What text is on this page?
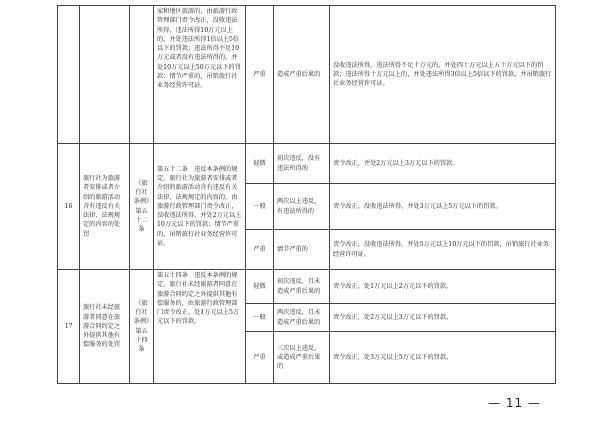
			家和地区旅游的，由旅游行政管理部门责令改正，没收违法所得，违法所得10万元以上的，并处违法所得1倍以上5倍以下的罚款；违法所得不足10万元或者没有违法所得的，并处10万元以上50万元以下的罚款；情节严重的，吊销旅行社业务经营许可证。	严重	造成严重后果的	没收违法所得，违法所得不足十万元的，并处四十万元以上五十万元以下的罚款；违法所得十万元以上的，并处违法所得3倍以上5倍以下的罚款，并吊销旅行社业务经营许可证。
16	旅行社为旅游者安排或者介绍的旅游活动含有违反有关法律、法规规定的内容的处罚	《旅行社条例》第五十二条	第五十二条　违反本条例的规定，旅行社为旅游者安排或者介绍的旅游活动含有违反有关法律、法规规定的内容的，由旅游行政管理部门责令改正，没收违法所得，并处2万元以上10万元以下的罚款；情节严重的，吊销旅行社业务经营许可证。	轻微	初次违反，没有违法所得的	责令改正，并处2万元以上3万元以下的罚款。
				一般	两次以上违反，有违法所得的	责令改正，没收违法所得，并处3万元以上5万元以下的罚款。
				严重	情节严重的	责令改正，没收违法所得，并处5万元以上10万元以下的罚款，吊销旅行社业务经营许可证。
17	旅行社未经旅游者同意在旅游合同约定之外提供其他有偿服务的处罚	《旅行社条例》第五十四条	第五十四条　违反本条例的规定，旅行社未经旅游者同意在旅游合同约定之外提供其他有偿服务的，由旅游行政管理部门责令改正，处1万元以上5万元以下的罚款。	轻微	初次违反，且未造成严重后果的	责令改正，处1万元以上2万元以下的罚款。
				一般	两次违反，且未造成严重后果的	责令改正，处2万元以上3万元以下的罚款。
				严重	三次以上违反，或造成严重后果的	责令改正，处3万元以上5万元以下的罚款。
— 11 —
